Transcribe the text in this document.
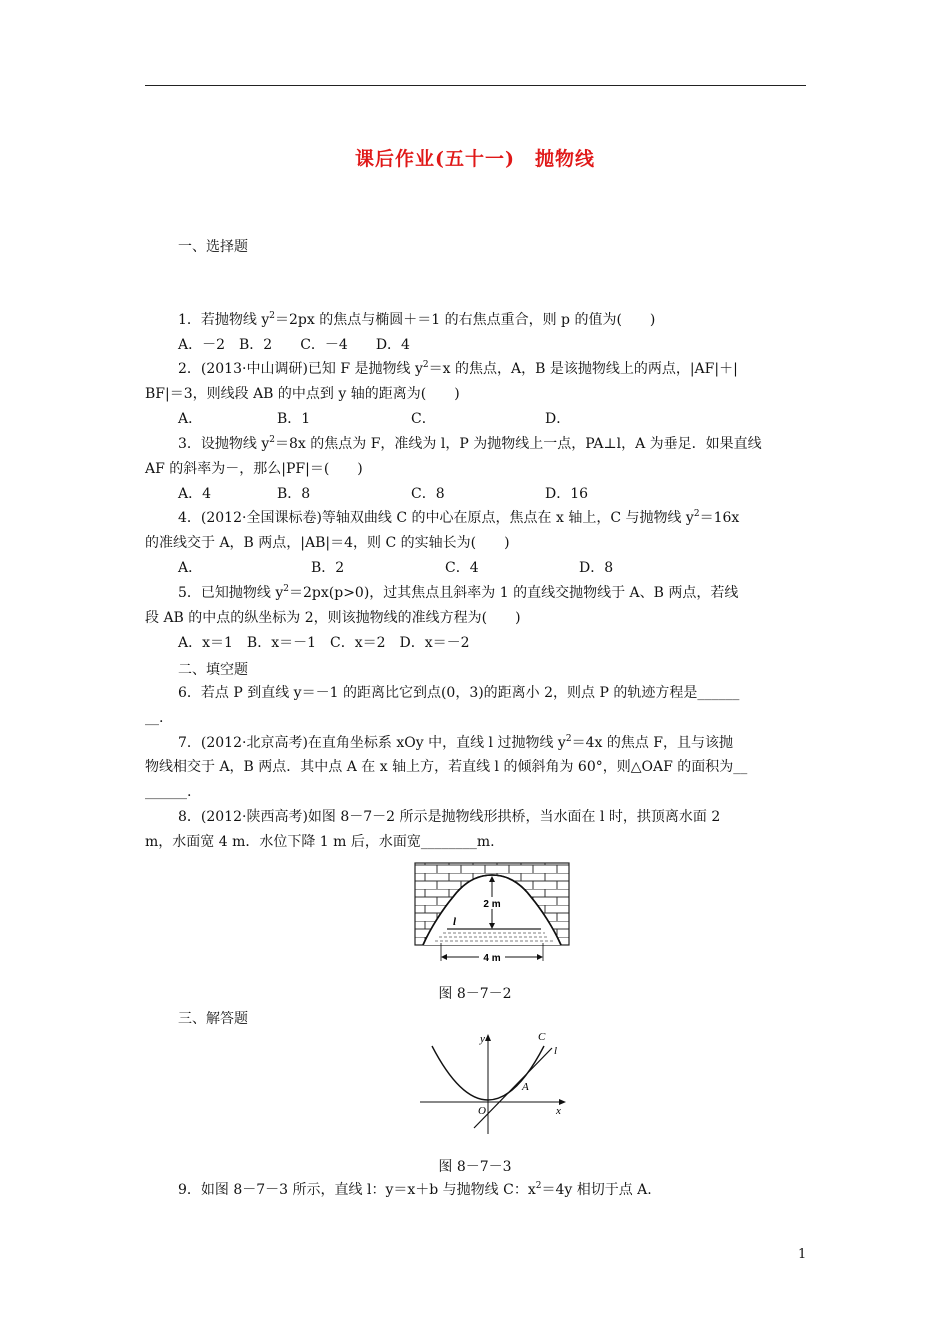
课后作业(五十一)　抛物线
一、选择题
1．若抛物线 $y^2=2px$ 的焦点与椭圆＋＝1 的右焦点重合，则 p 的值为(　　)
A．－2　B．2　　C．－4　　D．4
2．(2013·中山调研)已知 F 是抛物线 $y^2=x$ 的焦点，A，B 是该抛物线上的两点，|AF|＋|
BF|＝3，则线段 AB 的中点到 y 轴的距离为(　　)
A．	B．1	C．	D．
3．设抛物线 $y^2=8x$ 的焦点为 F，准线为 l，P 为抛物线上一点，PA⊥l，A 为垂足．如果直线
AF 的斜率为－，那么|PF|＝(　　)
A．4	B．8	C．8	D．16
4．(2012·全国课标卷)等轴双曲线 C 的中心在原点，焦点在 x 轴上，C 与抛物线 $y^2=16x$
的准线交于 A，B 两点，|AB|＝4，则 C 的实轴长为(　　)
A．	B．2	C．4	D．8
5．已知抛物线 $y^2=2px(p>0)$，过其焦点且斜率为 1 的直线交抛物线于 A、B 两点，若线
段 AB 的中点的纵坐标为 2，则该抛物线的准线方程为(　　)
A．x＝1　B．x＝－1　C．x＝2　D．x＝－2
二、填空题
6．若点 P 到直线 y＝－1 的距离比它到点(0，3)的距离小 2，则点 P 的轨迹方程是______
__.
7．(2012·北京高考)在直角坐标系 xOy 中，直线 l 过抛物线 $y^2=4x$ 的焦点 F，且与该抛
物线相交于 A，B 两点．其中点 A 在 x 轴上方，若直线 l 的倾斜角为 60°，则△OAF 的面积为__
______.
8．(2012·陕西高考)如图 8－7－2 所示是抛物线形拱桥，当水面在 l 时，拱顶离水面 2
m，水面宽 4 m．水位下降 1 m 后，水面宽________m.
2 m
l
4 m
图 8－7－2
三、解答题
y
x
O
C
l
A
图 8－7－3
9．如图 8－7－3 所示，直线 l：y＝x＋b 与抛物线 C：$x^2=4y$ 相切于点 A.
1
